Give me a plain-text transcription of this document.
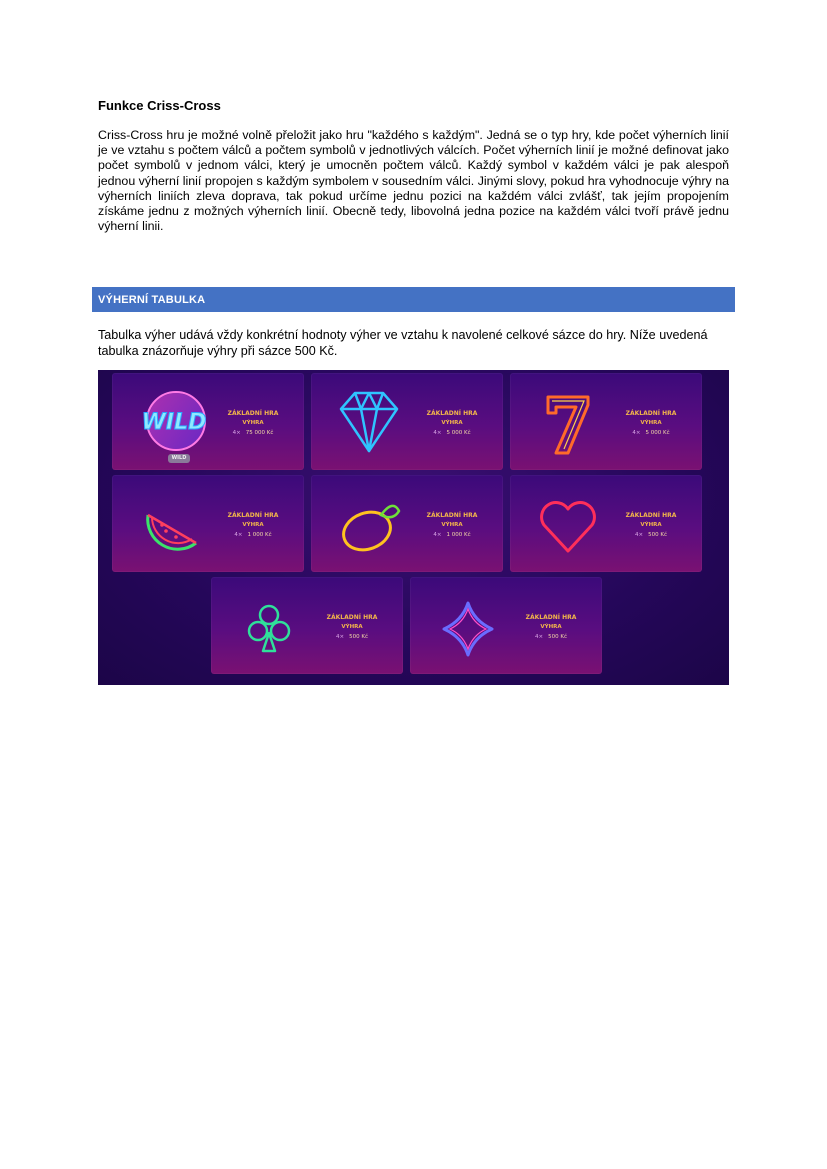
Funkce Criss-Cross

Criss-Cross hru je možné volně přeložit jako hru "každého s každým". Jedná se o typ hry, kde počet výherních linií je ve vztahu s počtem válců a počtem symbolů v jednotlivých válcích. Počet výherních linií je možné definovat jako počet symbolů v jednom válci, který je umocněn počtem válců. Každý symbol v každém válci je pak alespoň jednou výherní linií propojen s každým symbolem v sousedním válci. Jinými slovy, pokud hra vyhodnocuje výhry na výherních liniích zleva doprava, tak pokud určíme jednu pozici na každém válci zvlášť, tak jejím propojením získáme jednu z možných výherních linií. Obecně tedy, libovolná jedna pozice na každém válci tvoří právě jednu výherní linii.

VÝHERNÍ TABULKA

Tabulka výher udává vždy konkrétní hodnoty výher ve vztahu k navolené celkové sázce do hry. Níže uvedená tabulka znázorňuje výhry při sázce 500 Kč.

WILD
WILD
ZÁKLADNÍ HRA
VÝHRA
4× 75 000 Kč
ZÁKLADNÍ HRA
VÝHRA
4× 5 000 Kč
ZÁKLADNÍ HRA
VÝHRA
4× 5 000 Kč
ZÁKLADNÍ HRA
VÝHRA
4× 1 000 Kč
ZÁKLADNÍ HRA
VÝHRA
4× 1 000 Kč
ZÁKLADNÍ HRA
VÝHRA
4× 500 Kč
ZÁKLADNÍ HRA
VÝHRA
4× 500 Kč
ZÁKLADNÍ HRA
VÝHRA
4× 500 Kč
